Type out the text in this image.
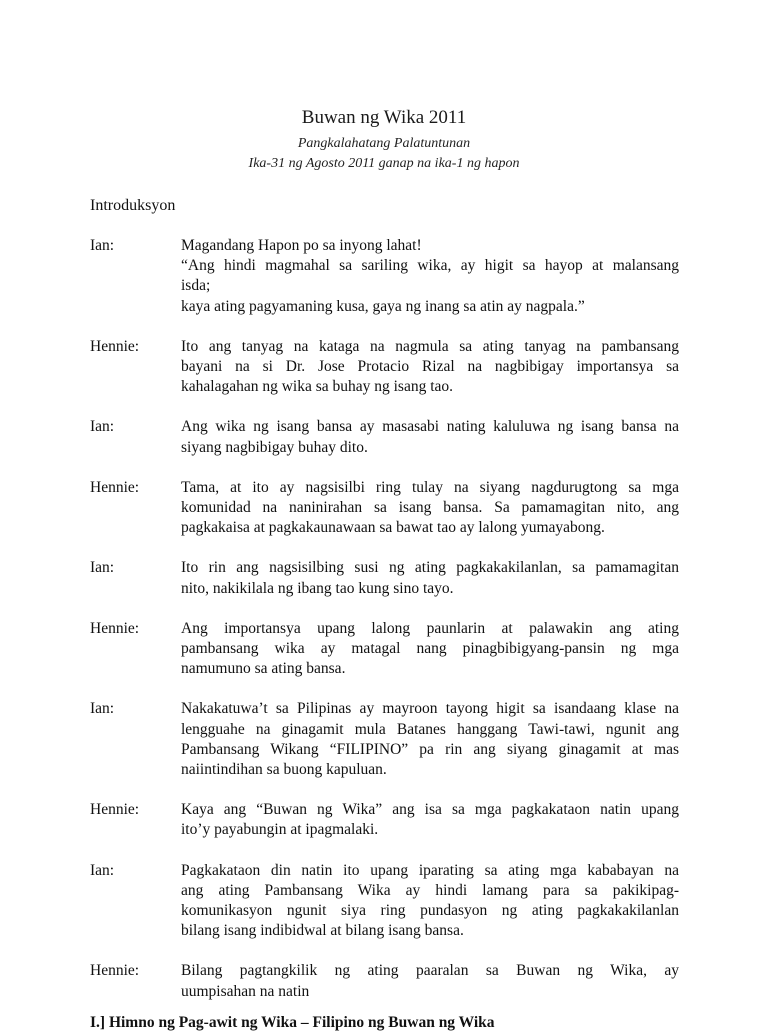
Buwan ng Wika 2011
Pangkalahatang Palatuntunan
Ika-31 ng Agosto 2011 ganap na ika-1 ng hapon
Introduksyon
Ian:	Magandang Hapon po sa inyong lahat!
“Ang hindi magmahal sa sariling wika, ay higit sa hayop at malansang
isda;
kaya ating pagyamaning kusa, gaya ng inang sa atin ay nagpala.”
Hennie:	Ito ang tanyag na kataga na nagmula sa ating tanyag na pambansang
bayani na si Dr. Jose Protacio Rizal na nagbibigay importansya sa
kahalagahan ng wika sa buhay ng isang tao.
Ian:	Ang wika ng isang bansa ay masasabi nating kaluluwa ng isang bansa na
siyang nagbibigay buhay dito.
Hennie:	Tama, at ito ay nagsisilbi ring tulay na siyang nagdurugtong sa mga
komunidad na naninirahan sa isang bansa. Sa pamamagitan nito, ang
pagkakaisa at pagkakaunawaan sa bawat tao ay lalong yumayabong.
Ian:	Ito rin ang nagsisilbing susi ng ating pagkakakilanlan, sa pamamagitan
nito, nakikilala ng ibang tao kung sino tayo.
Hennie:	Ang importansya upang lalong paunlarin at palawakin ang ating
pambansang wika ay matagal nang pinagbibigyang-pansin ng mga
namumuno sa ating bansa.
Ian:	Nakakatuwa’t sa Pilipinas ay mayroon tayong higit sa isandaang klase na
lengguahe na ginagamit mula Batanes hanggang Tawi-tawi, ngunit ang
Pambansang Wikang “FILIPINO” pa rin ang siyang ginagamit at mas
naiintindihan sa buong kapuluan.
Hennie:	Kaya ang “Buwan ng Wika” ang isa sa mga pagkakataon natin upang
ito’y payabungin at ipagmalaki.
Ian:	Pagkakataon din natin ito upang iparating sa ating mga kababayan na
ang ating Pambansang Wika ay hindi lamang para sa pakikipag-
komunikasyon ngunit siya ring pundasyon ng ating pagkakakilanlan
bilang isang indibidwal at bilang isang bansa.
Hennie:	Bilang pagtangkilik ng ating paaralan sa Buwan ng Wika, ay
uumpisahan na natin
I.] Himno ng Pag-awit ng Wika – Filipino ng Buwan ng Wika
